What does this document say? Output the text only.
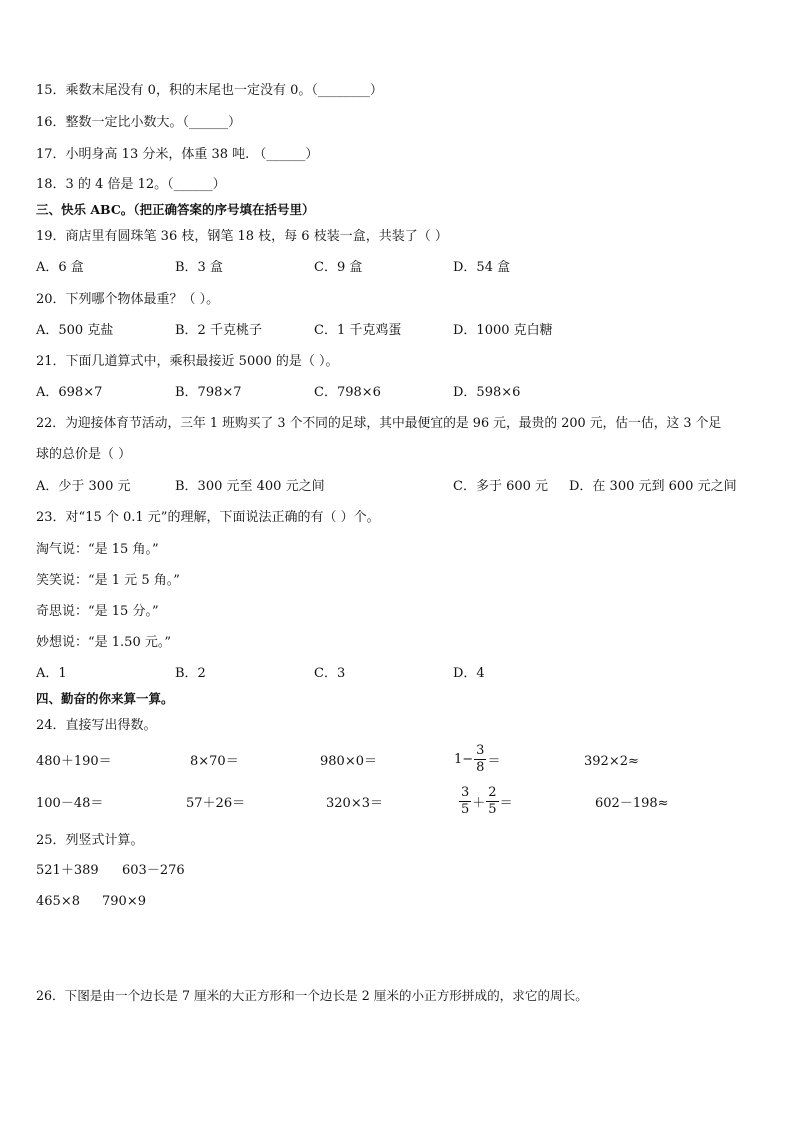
15．乘数末尾没有 0，积的末尾也一定没有 0。（________）
16．整数一定比小数大。（______）
17．小明身高 13 分米，体重 38 吨. （______）
18．3 的 4 倍是 12。（______）
三、快乐 ABC。（把正确答案的序号填在括号里）
19．商店里有圆珠笔 36 枝，钢笔 18 枝，每 6 枝装一盒，共装了（ ）
A．6 盒	B．3 盒	C．9 盒	D．54 盒
20．下列哪个物体最重？（ ）。
A．500 克盐	B．2 千克桃子	C．1 千克鸡蛋	D．1000 克白糖
21．下面几道算式中，乘积最接近 5000 的是（ ）。
A．698×7	B．798×7	C．798×6	D．598×6
22．为迎接体育节活动，三年 1 班购买了 3 个不同的足球，其中最便宜的是 96 元，最贵的 200 元，估一估，这 3 个足
球的总价是（ ）
A．少于 300 元	B．300 元至 400 元之间	C．多于 600 元 D．在 300 元到 600 元之间
23．对“15 个 0.1 元”的理解，下面说法正确的有（ ）个。
淘气说：“是 15 角。”
笑笑说：“是 1 元 5 角。”
奇思说：“是 15 分。”
妙想说：“是 1.50 元。”
A．1	B．2	C．3	D．4
四、勤奋的你来算一算。
24．直接写出得数。
480＋190＝	8×70＝	980×0＝	$1- \frac{3}{8}$ ＝	392×2≈
100－48＝	57＋26＝	320×3＝	$\frac{3}{5} + \frac{2}{5}$ ＝	602－198≈
25．列竖式计算。
521＋389 603－276
465×8 790×9
26．下图是由一个边长是 7 厘米的大正方形和一个边长是 2 厘米的小正方形拼成的，求它的周长。
